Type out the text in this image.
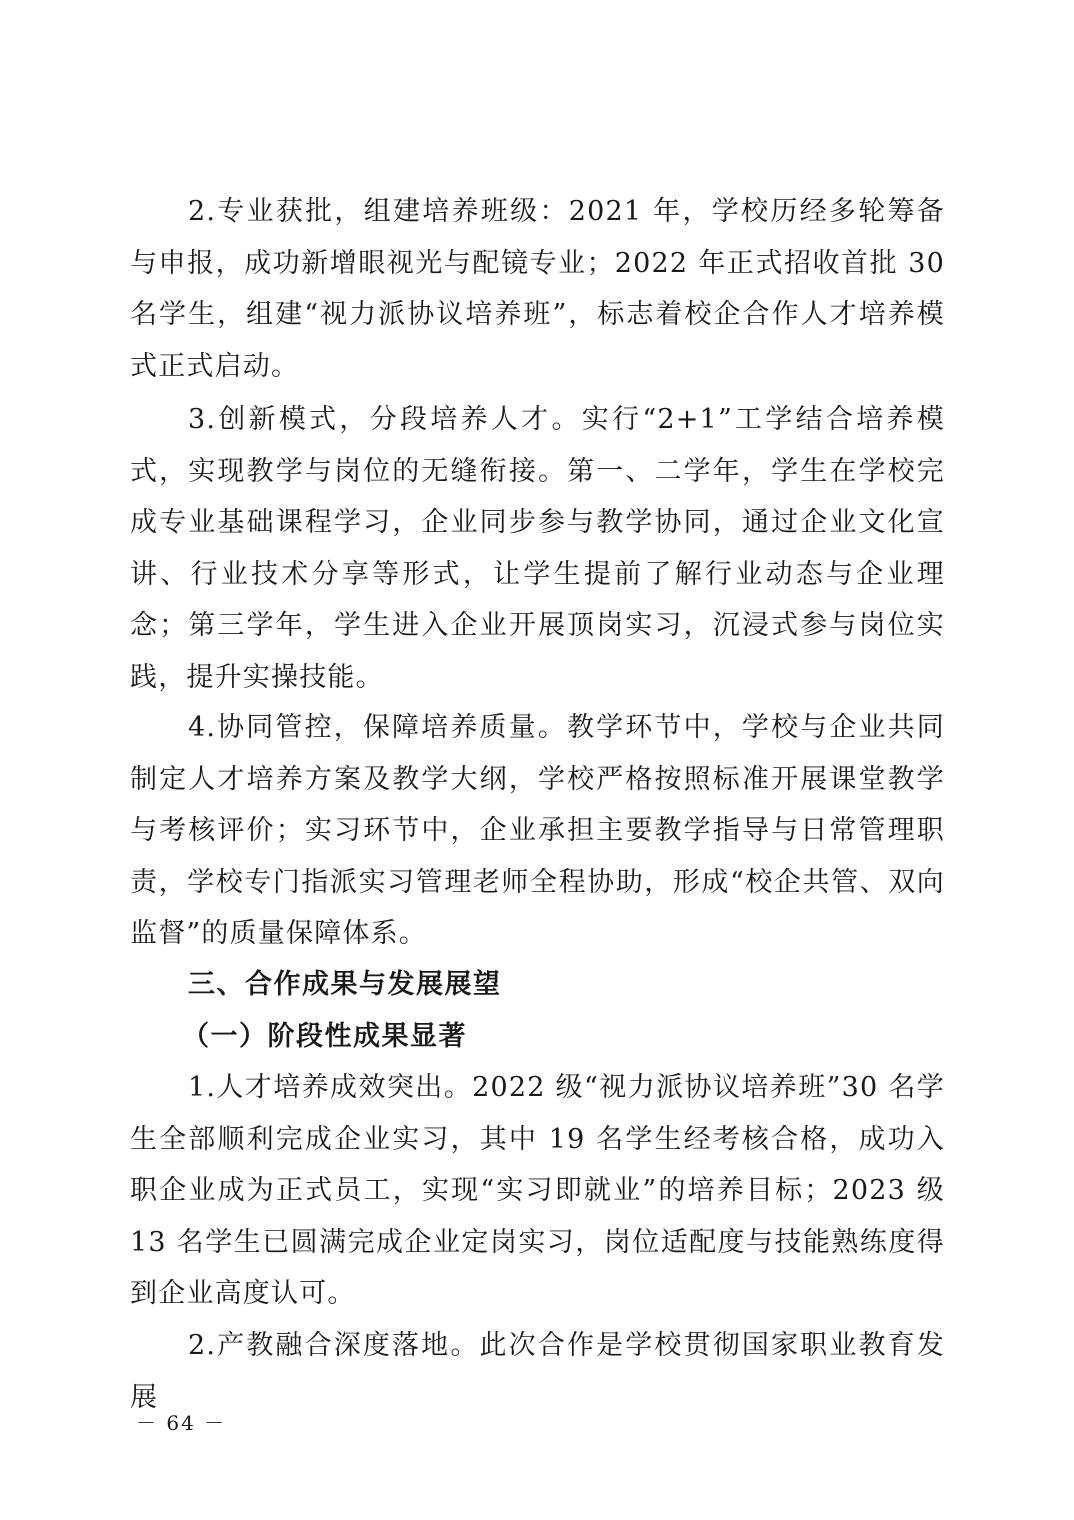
2.专业获批，组建培养班级：2021 年，学校历经多轮筹备与申报，成功新增眼视光与配镜专业；2022 年正式招收首批 30 名学生，组建“视力派协议培养班”，标志着校企合作人才培养模式正式启动。

3.创新模式，分段培养人才。实行“2+1”工学结合培养模式，实现教学与岗位的无缝衔接。第一、二学年，学生在学校完成专业基础课程学习，企业同步参与教学协同，通过企业文化宣讲、行业技术分享等形式，让学生提前了解行业动态与企业理念；第三学年，学生进入企业开展顶岗实习，沉浸式参与岗位实践，提升实操技能。

4.协同管控，保障培养质量。教学环节中，学校与企业共同制定人才培养方案及教学大纲，学校严格按照标准开展课堂教学与考核评价；实习环节中，企业承担主要教学指导与日常管理职责，学校专门指派实习管理老师全程协助，形成“校企共管、双向监督”的质量保障体系。

三、合作成果与发展展望
（一）阶段性成果显著

1.人才培养成效突出。2022 级“视力派协议培养班”30 名学生全部顺利完成企业实习，其中 19 名学生经考核合格，成功入职企业成为正式员工，实现“实习即就业”的培养目标；2023 级 13 名学生已圆满完成企业定岗实习，岗位适配度与技能熟练度得到企业高度认可。

2.产教融合深度落地。此次合作是学校贯彻国家职业教育发展

－ 64 －
